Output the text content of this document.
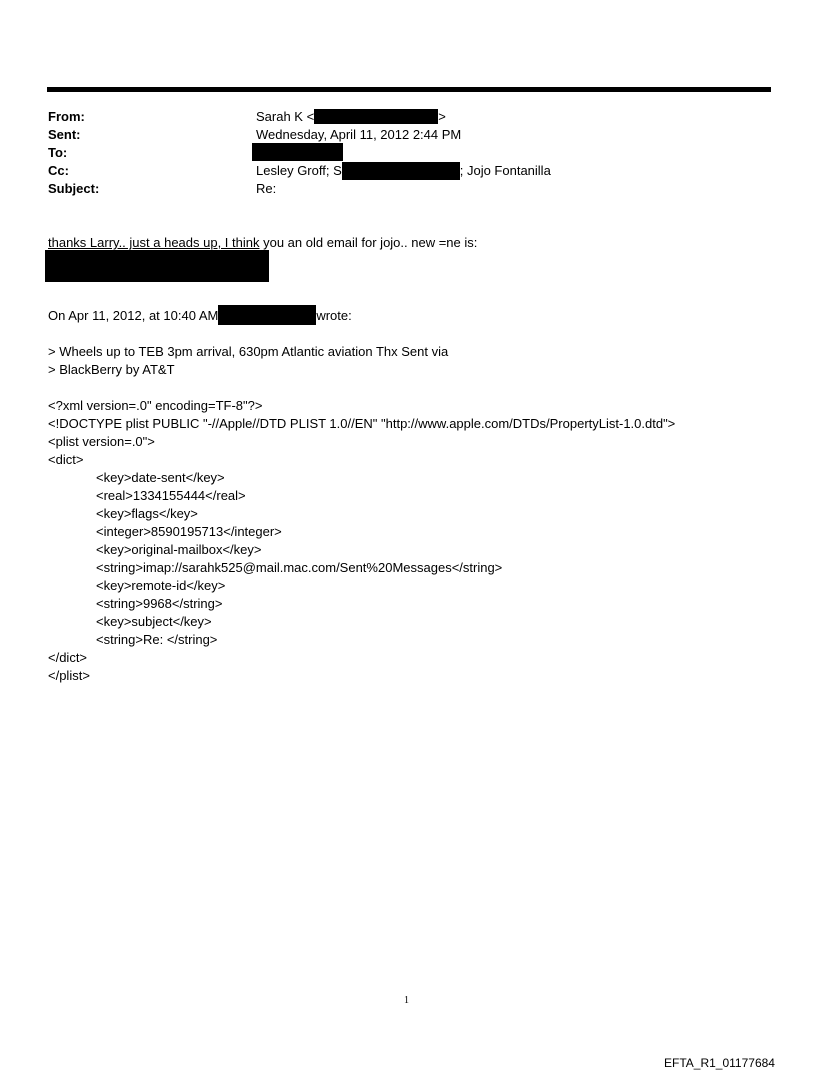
From:	Sarah K <	>
Sent:	Wednesday, April 11, 2012 2:44 PM
To:
Cc:	Lesley Groff; S	; Jojo Fontanilla
Subject:	Re:
thanks Larry.. just a heads up, I think you an old email for jojo.. new =ne is:
On Apr 11, 2012, at 10:40 AM	wrote:
> Wheels up to TEB 3pm arrival, 630pm Atlantic aviation Thx Sent via
> BlackBerry by AT&T
<?xml version=.0" encoding=TF-8"?>
<!DOCTYPE plist PUBLIC "-//Apple//DTD PLIST 1.0//EN" "http://www.apple.com/DTDs/PropertyList-1.0.dtd">
<plist version=.0">
<dict>
<key>date-sent</key>
<real>1334155444</real>
<key>flags</key>
<integer>8590195713</integer>
<key>original-mailbox</key>
<string>imap://sarahk525@mail.mac.com/Sent%20Messages</string>
<key>remote-id</key>
<string>9968</string>
<key>subject</key>
<string>Re: </string>
</dict>
</plist>
1
EFTA_R1_01177684
